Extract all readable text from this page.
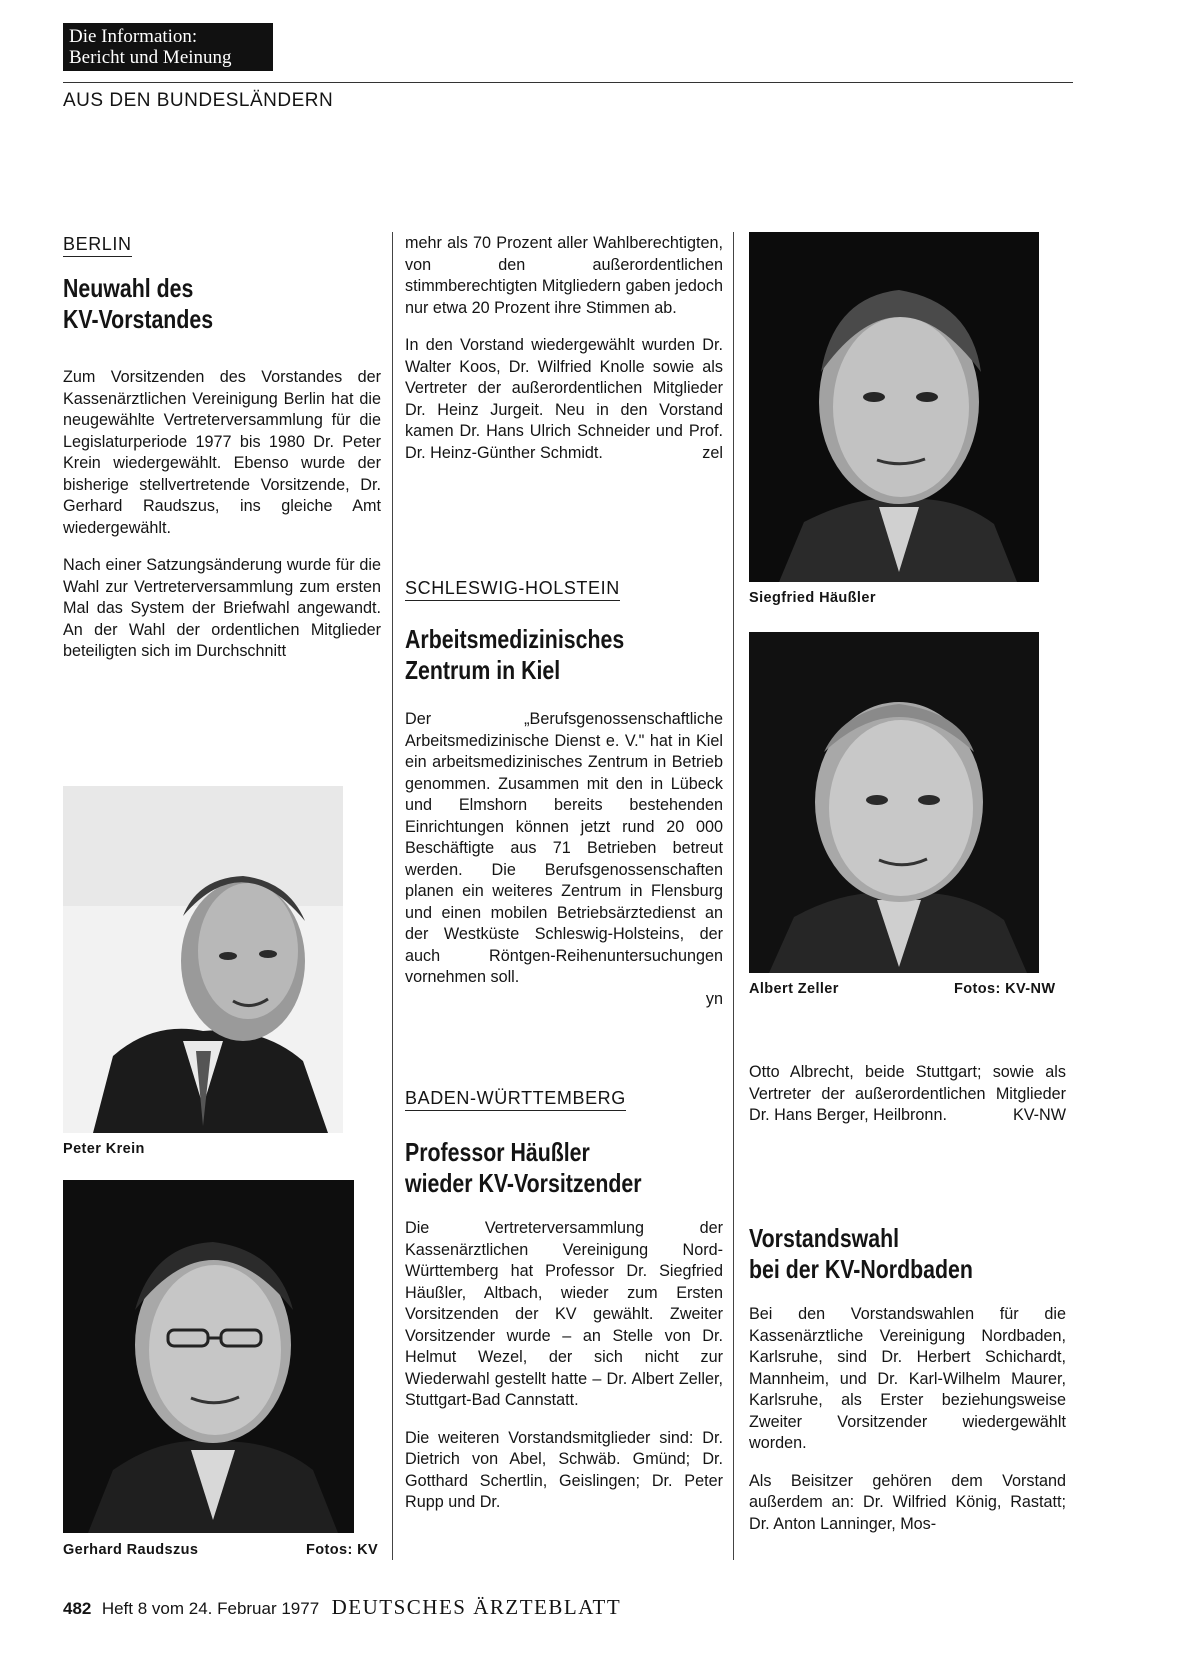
Die Information:
Bericht und Meinung
AUS DEN BUNDESLÄNDERN
BERLIN
Neuwahl des
KV-Vorstandes

Zum Vorsitzenden des Vorstandes der Kassenärztlichen Vereinigung Berlin hat die neugewählte Vertreterversammlung für die Legislaturperiode 1977 bis 1980 Dr. Peter Krein wiedergewählt. Ebenso wurde der bisherige stellvertretende Vorsitzende, Dr. Gerhard Raudszus, ins gleiche Amt wiedergewählt.

Nach einer Satzungsänderung wurde für die Wahl zur Vertreterversammlung zum ersten Mal das System der Briefwahl angewandt. An der Wahl der ordentlichen Mitglieder beteiligten sich im Durchschnitt

Peter Krein
Gerhard Raudszus	Fotos: KV

mehr als 70 Prozent aller Wahlberechtigten, von den außerordentlichen stimmberechtigten Mitgliedern gaben jedoch nur etwa 20 Prozent ihre Stimmen ab.

In den Vorstand wiedergewählt wurden Dr. Walter Koos, Dr. Wilfried Knolle sowie als Vertreter der außerordentlichen Mitglieder Dr. Heinz Jurgeit. Neu in den Vorstand kamen Dr. Hans Ulrich Schneider und Prof. Dr. Heinz-Günther Schmidt.	zel

SCHLESWIG-HOLSTEIN
Arbeitsmedizinisches
Zentrum in Kiel

Der „Berufsgenossenschaftliche Arbeitsmedizinische Dienst e. V." hat in Kiel ein arbeitsmedizinisches Zentrum in Betrieb genommen. Zusammen mit den in Lübeck und Elmshorn bereits bestehenden Einrichtungen können jetzt rund 20 000 Beschäftigte aus 71 Betrieben betreut werden. Die Berufsgenossenschaften planen ein weiteres Zentrum in Flensburg und einen mobilen Betriebsärztedienst an der Westküste Schleswig-Holsteins, der auch Röntgen-Reihenuntersuchungen vornehmen soll.

yn
BADEN-WÜRTTEMBERG
Professor Häußler
wieder KV-Vorsitzender

Die Vertreterversammlung der Kassenärztlichen Vereinigung Nord-Württemberg hat Professor Dr. Siegfried Häußler, Altbach, wieder zum Ersten Vorsitzenden der KV gewählt. Zweiter Vorsitzender wurde – an Stelle von Dr. Helmut Wezel, der sich nicht zur Wiederwahl gestellt hatte – Dr. Albert Zeller, Stuttgart-Bad Cannstatt.

Die weiteren Vorstandsmitglieder sind: Dr. Dietrich von Abel, Schwäb. Gmünd; Dr. Gotthard Schertlin, Geislingen; Dr. Peter Rupp und Dr.

Siegfried Häußler
Albert Zeller	Fotos: KV-NW

Otto Albrecht, beide Stuttgart; sowie als Vertreter der außerordentlichen Mitglieder Dr. Hans Berger, Heilbronn.	KV-NW

Vorstandswahl
bei der KV-Nordbaden

Bei den Vorstandswahlen für die Kassenärztliche Vereinigung Nordbaden, Karlsruhe, sind Dr. Herbert Schichardt, Mannheim, und Dr. Karl-Wilhelm Maurer, Karlsruhe, als Erster beziehungsweise Zweiter Vorsitzender wiedergewählt worden.

Als Beisitzer gehören dem Vorstand außerdem an: Dr. Wilfried König, Rastatt; Dr. Anton Lanninger, Mos-

482 Heft 8 vom 24. Februar 1977 DEUTSCHES ÄRZTEBLATT
